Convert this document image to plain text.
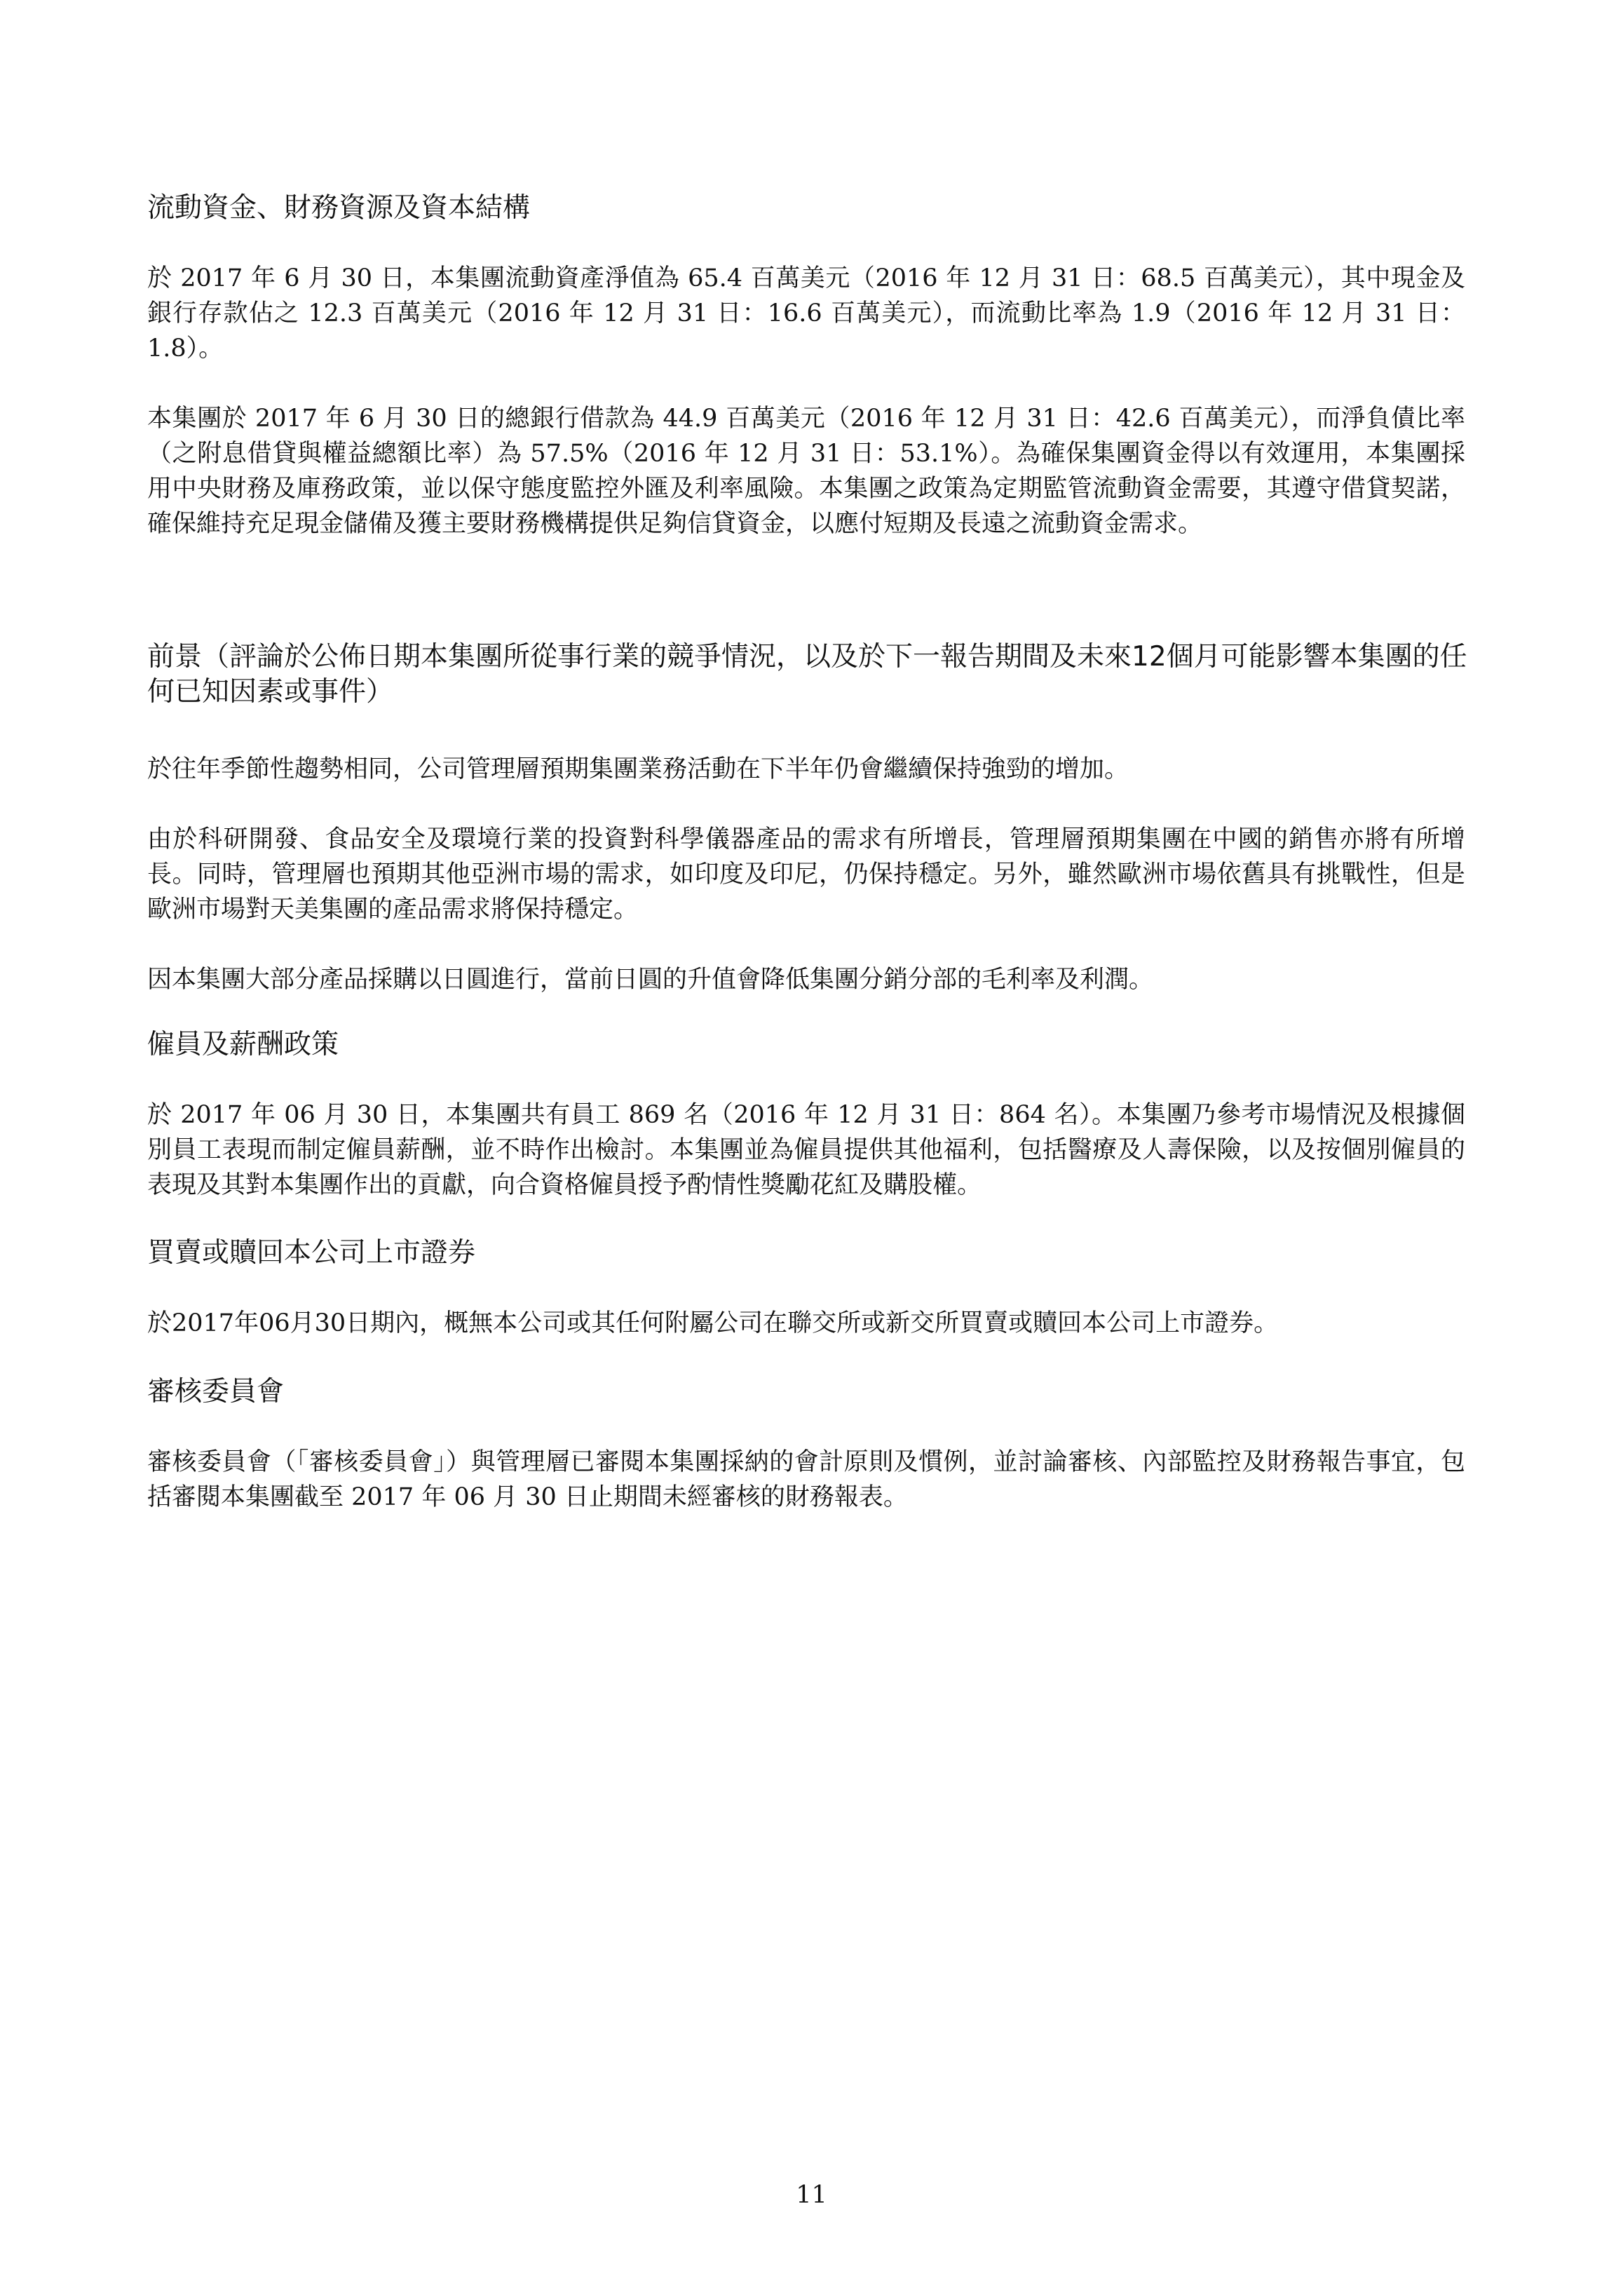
流動資金、財務資源及資本結構

於 2017 年 6 月 30 日，本集團流動資產淨值為 65.4 百萬美元（2016 年 12 月 31 日：68.5 百萬美元），其中現金及銀行存款佔之 12.3 百萬美元（2016 年 12 月 31 日：16.6 百萬美元），而流動比率為 1.9（2016 年 12 月 31 日：1.8）。

本集團於 2017 年 6 月 30 日的總銀行借款為 44.9 百萬美元（2016 年 12 月 31 日：42.6 百萬美元），而淨負債比率（之附息借貸與權益總額比率）為 57.5%（2016 年 12 月 31 日：53.1%）。為確保集團資金得以有效運用，本集團採用中央財務及庫務政策，並以保守態度監控外匯及利率風險。本集團之政策為定期監管流動資金需要，其遵守借貸契諾，確保維持充足現金儲備及獲主要財務機構提供足夠信貸資金，以應付短期及長遠之流動資金需求。

前景（評論於公佈日期本集團所從事行業的競爭情況，以及於下一報告期間及未來12個月可能影響本集團的任何已知因素或事件）

於往年季節性趨勢相同，公司管理層預期集團業務活動在下半年仍會繼續保持強勁的增加。

由於科研開發、食品安全及環境行業的投資對科學儀器產品的需求有所增長，管理層預期集團在中國的銷售亦將有所增長。同時，管理層也預期其他亞洲市場的需求，如印度及印尼，仍保持穩定。另外，雖然歐洲市場依舊具有挑戰性，但是歐洲市場對天美集團的產品需求將保持穩定。

因本集團大部分產品採購以日圓進行，當前日圓的升值會降低集團分銷分部的毛利率及利潤。

僱員及薪酬政策

於 2017 年 06 月 30 日，本集團共有員工 869 名（2016 年 12 月 31 日：864 名）。本集團乃參考市場情況及根據個別員工表現而制定僱員薪酬，並不時作出檢討。本集團並為僱員提供其他福利，包括醫療及人壽保險，以及按個別僱員的表現及其對本集團作出的貢獻，向合資格僱員授予酌情性獎勵花紅及購股權。

買賣或贖回本公司上市證券

於2017年06月30日期內，概無本公司或其任何附屬公司在聯交所或新交所買賣或贖回本公司上市證券。

審核委員會

審核委員會（「審核委員會」）與管理層已審閱本集團採納的會計原則及慣例，並討論審核、內部監控及財務報告事宜，包括審閱本集團截至 2017 年 06 月 30 日止期間未經審核的財務報表。

11
